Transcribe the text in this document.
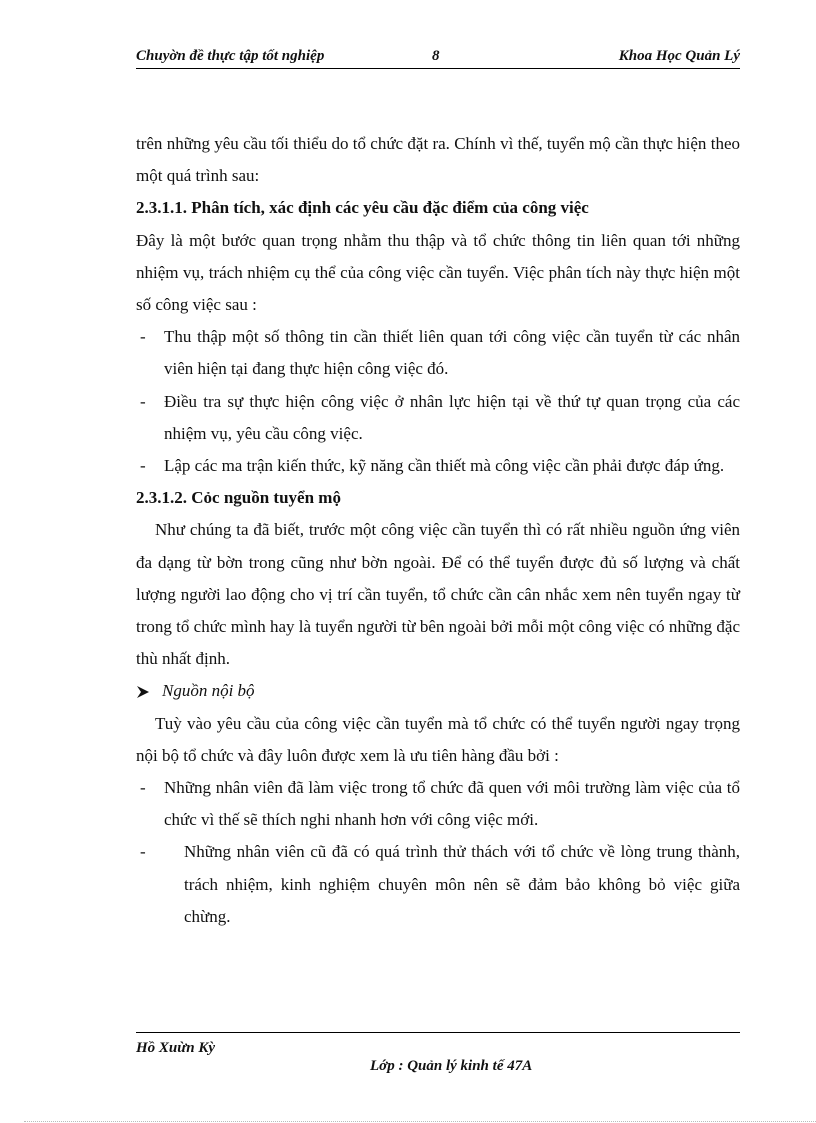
Chuyờn đề thực tập tốt nghiệp	8	Khoa Học Quản Lý

trên những yêu cầu tối thiểu do tổ chức đặt ra. Chính vì thế, tuyển mộ cần thực hiện theo một quá trình sau:

2.3.1.1. Phân tích, xác định các yêu cầu đặc điểm của công việc

Đây là một bước quan trọng nhằm thu thập và tổ chức thông tin liên quan tới những nhiệm vụ, trách nhiệm cụ thể của công việc cần tuyển. Việc phân tích này thực hiện một số công việc sau :

-	Thu thập một số thông tin cần thiết liên quan tới công việc cần tuyển từ các nhân viên hiện tại đang thực hiện công việc đó.
-	Điều tra sự thực hiện công việc ở nhân lực hiện tại về thứ tự quan trọng của các nhiệm vụ, yêu cầu công việc.
-	Lập các ma trận kiến thức, kỹ năng cần thiết mà công việc cần phải được đáp ứng.

2.3.1.2. Cỏc nguồn tuyển mộ

Như chúng ta đã biết, trước một công việc cần tuyển thì có rất nhiều nguồn ứng viên đa dạng từ bờn trong cũng như bờn ngoài. Để có thể tuyển được đủ số lượng và chất lượng người lao động cho vị trí cần tuyển, tổ chức cần cân nhắc xem nên tuyển ngay từ trong tổ chức mình hay là tuyển người từ bên ngoài bởi mỗi một công việc có những đặc thù nhất định.

Nguồn nội bộ

Tuỳ vào yêu cầu của công việc cần tuyển mà tổ chức có thể tuyển người ngay trọng nội bộ tổ chức và đây luôn được xem là ưu tiên hàng đầu bởi :

-	Những nhân viên đã làm việc trong tổ chức đã quen với môi trường làm việc của tổ chức vì thế sẽ thích nghi nhanh hơn với công việc mới.
-	Những nhân viên cũ đã có quá trình thử thách với tổ chức về lòng trung thành, trách nhiệm, kinh nghiệm chuyên môn nên sẽ đảm bảo không bỏ việc giữa chừng.
Hồ Xuừn Kỳ
Lớp : Quản lý kinh tế 47A
